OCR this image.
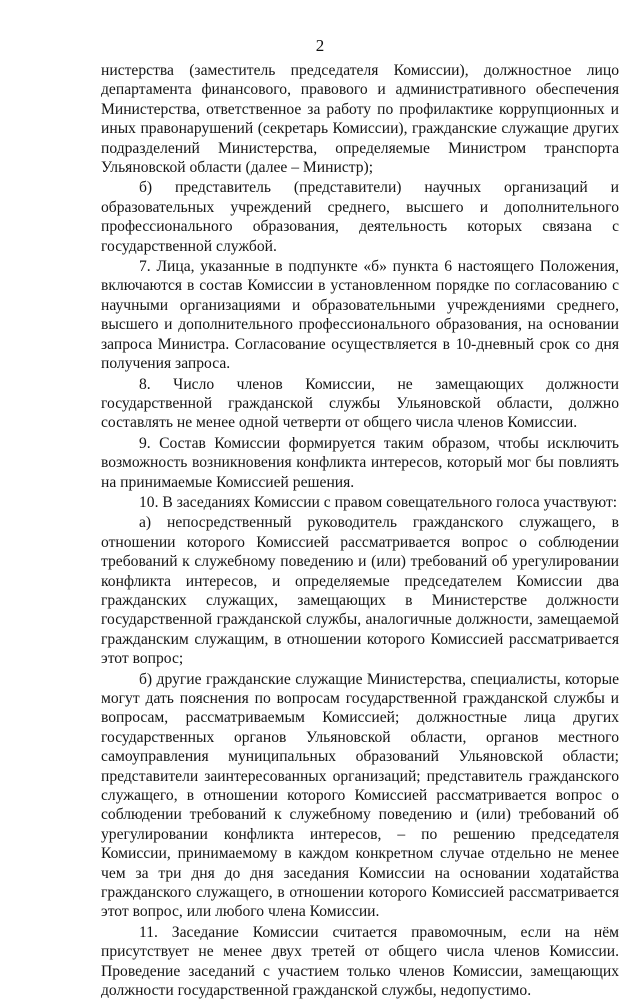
2

нистерства (заместитель председателя Комиссии), должностное лицо департамента финансового, правового и административного обеспечения Министерства, ответственное за работу по профилактике коррупционных и иных правонарушений (секретарь Комиссии), гражданские служащие других подразделений Министерства, определяемые Министром транспорта Ульяновской области (далее – Министр);

б) представитель (представители) научных организаций и образовательных учреждений среднего, высшего и дополнительного профессионального образования, деятельность которых связана с государственной службой.

7. Лица, указанные в подпункте «б» пункта 6 настоящего Положения, включаются в состав Комиссии в установленном порядке по согласованию с научными организациями и образовательными учреждениями среднего, высшего и дополнительного профессионального образования, на основании запроса Министра. Согласование осуществляется в 10-дневный срок со дня получения запроса.

8. Число членов Комиссии, не замещающих должности государственной гражданской службы Ульяновской области, должно составлять не менее одной четверти от общего числа членов Комиссии.

9. Состав Комиссии формируется таким образом, чтобы исключить возможность возникновения конфликта интересов, который мог бы повлиять на принимаемые Комиссией решения.

10. В заседаниях Комиссии с правом совещательного голоса участвуют:

а) непосредственный руководитель гражданского служащего, в отношении которого Комиссией рассматривается вопрос о соблюдении требований к служебному поведению и (или) требований об урегулировании конфликта интересов, и определяемые председателем Комиссии два гражданских служащих, замещающих в Министерстве должности государственной гражданской службы, аналогичные должности, замещаемой гражданским служащим, в отношении которого Комиссией рассматривается этот вопрос;

б) другие гражданские служащие Министерства, специалисты, которые могут дать пояснения по вопросам государственной гражданской службы и вопросам, рассматриваемым Комиссией; должностные лица других государственных органов Ульяновской области, органов местного самоуправления муниципальных образований Ульяновской области; представители заинтересованных организаций; представитель гражданского служащего, в отношении которого Комиссией рассматривается вопрос о соблюдении требований к служебному поведению и (или) требований об урегулировании конфликта интересов, – по решению председателя Комиссии, принимаемому в каждом конкретном случае отдельно не менее чем за три дня до дня заседания Комиссии на основании ходатайства гражданского служащего, в отношении которого Комиссией рассматривается этот вопрос, или любого члена Комиссии.

11. Заседание Комиссии считается правомочным, если на нём присутствует не менее двух третей от общего числа членов Комиссии. Проведение заседаний с участием только членов Комиссии, замещающих должности государственной гражданской службы, недопустимо.
